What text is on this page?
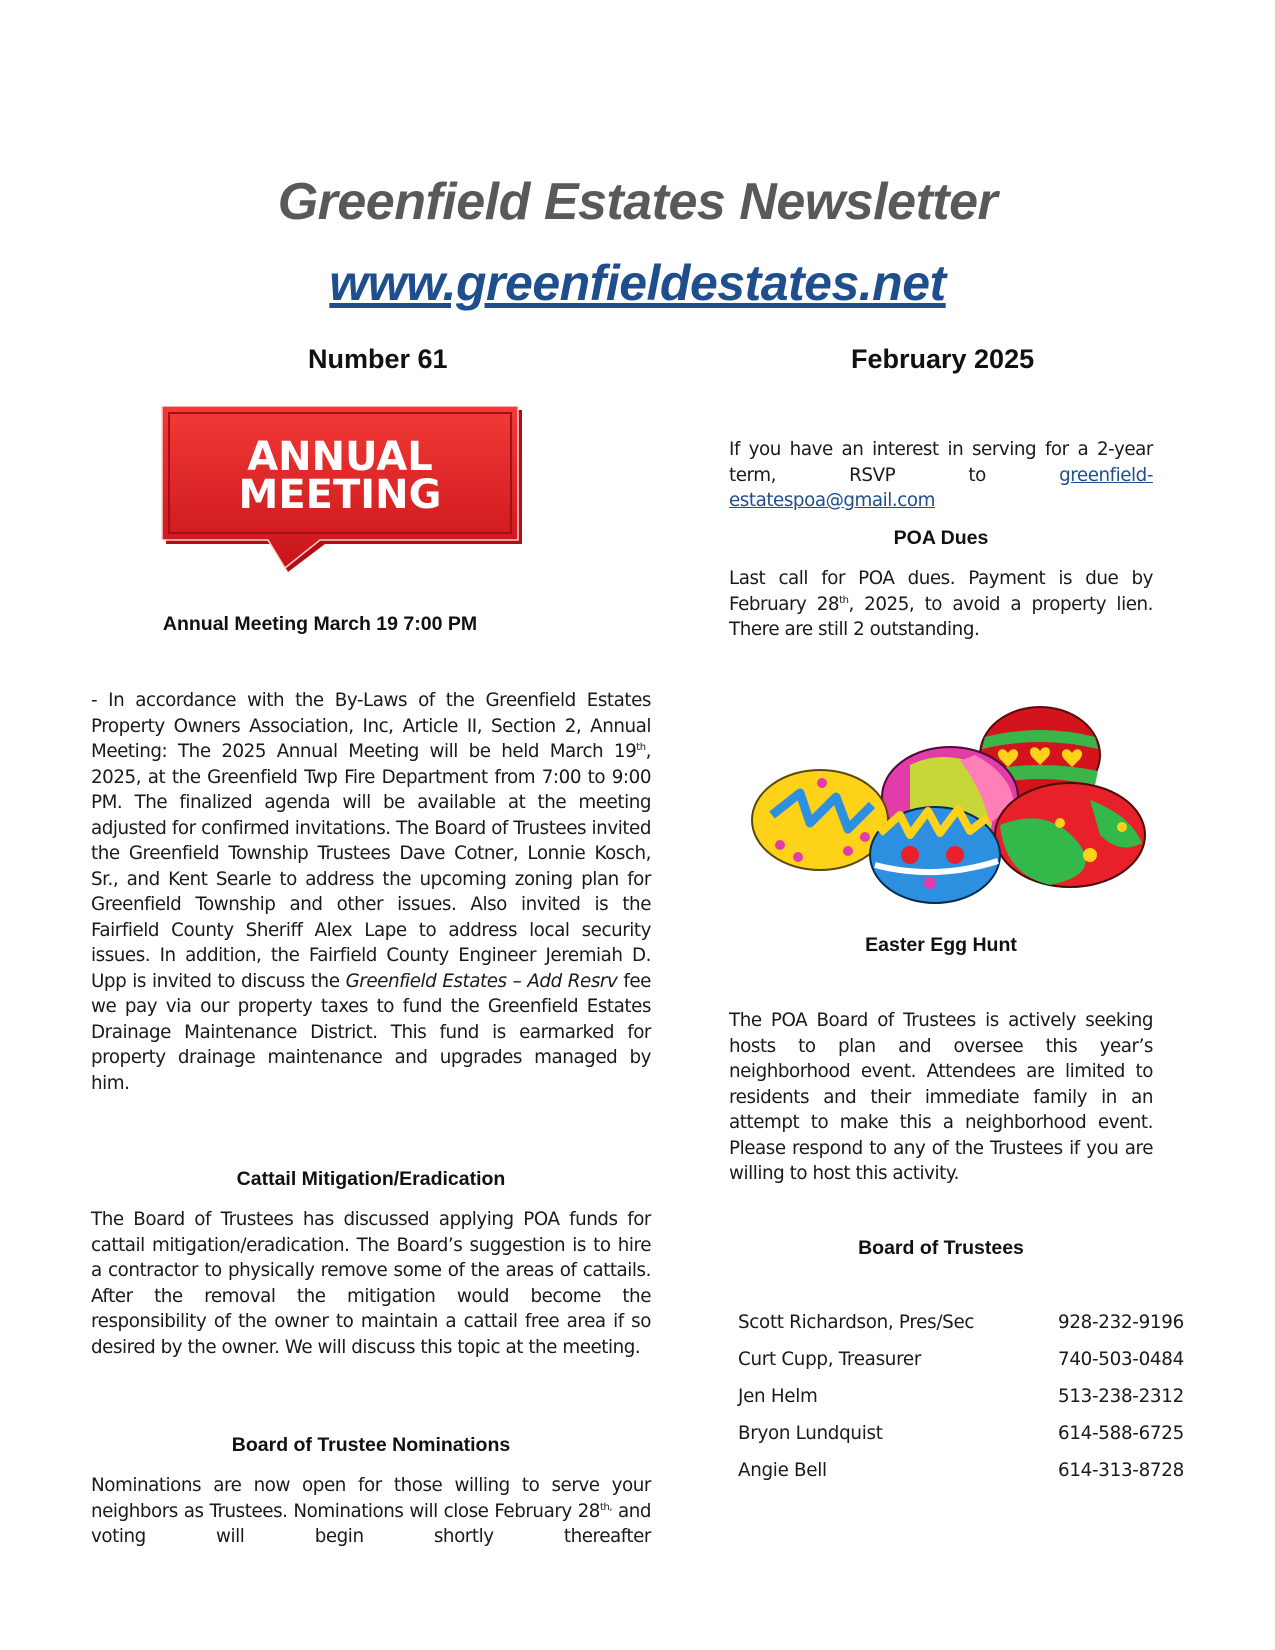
Greenfield Estates Newsletter
www.greenfieldestates.net
Number 61	February 2025
ANNUAL
MEETING
Annual Meeting March 19 7:00 PM
- In accordance with the By-Laws of the Greenfield Estates Property Owners Association, Inc, Article II, Section 2, Annual Meeting: The 2025 Annual Meeting will be held March 19th, 2025, at the Greenfield Twp Fire Department from 7:00 to 9:00 PM. The finalized agenda will be available at the meeting adjusted for confirmed invitations. The Board of Trustees invited the Greenfield Township Trustees Dave Cotner, Lonnie Kosch, Sr., and Kent Searle to address the upcoming zoning plan for Greenfield Township and other issues. Also invited is the Fairfield County Sheriff Alex Lape to address local security issues. In addition, the Fairfield County Engineer Jeremiah D. Upp is invited to discuss the Greenfield Estates – Add Resrv fee we pay via our property taxes to fund the Greenfield Estates Drainage Maintenance District. This fund is earmarked for property drainage maintenance and upgrades managed by him.
Cattail Mitigation/Eradication
The Board of Trustees has discussed applying POA funds for cattail mitigation/eradication. The Board’s suggestion is to hire a contractor to physically remove some of the areas of cattails. After the removal the mitigation would become the responsibility of the owner to maintain a cattail free area if so desired by the owner. We will discuss this topic at the meeting.
Board of Trustee Nominations
Nominations are now open for those willing to serve your neighbors as Trustees. Nominations will close February $28^{th,}$ and voting will begin shortly thereafter
If you have an interest in serving for a 2-year term, RSVP to greenfield-estatespoa@gmail.com
POA Dues
Last call for POA dues. Payment is due by February 28th, 2025, to avoid a property lien. There are still 2 outstanding.
Easter Egg Hunt
The POA Board of Trustees is actively seeking hosts to plan and oversee this year’s neighborhood event. Attendees are limited to residents and their immediate family in an attempt to make this a neighborhood event. Please respond to any of the Trustees if you are willing to host this activity.
Board of Trustees
Scott Richardson, Pres/Sec	928-232-9196
Curt Cupp, Treasurer	740-503-0484
Jen Helm	513-238-2312
Bryon Lundquist	614-588-6725
Angie Bell	614-313-8728
